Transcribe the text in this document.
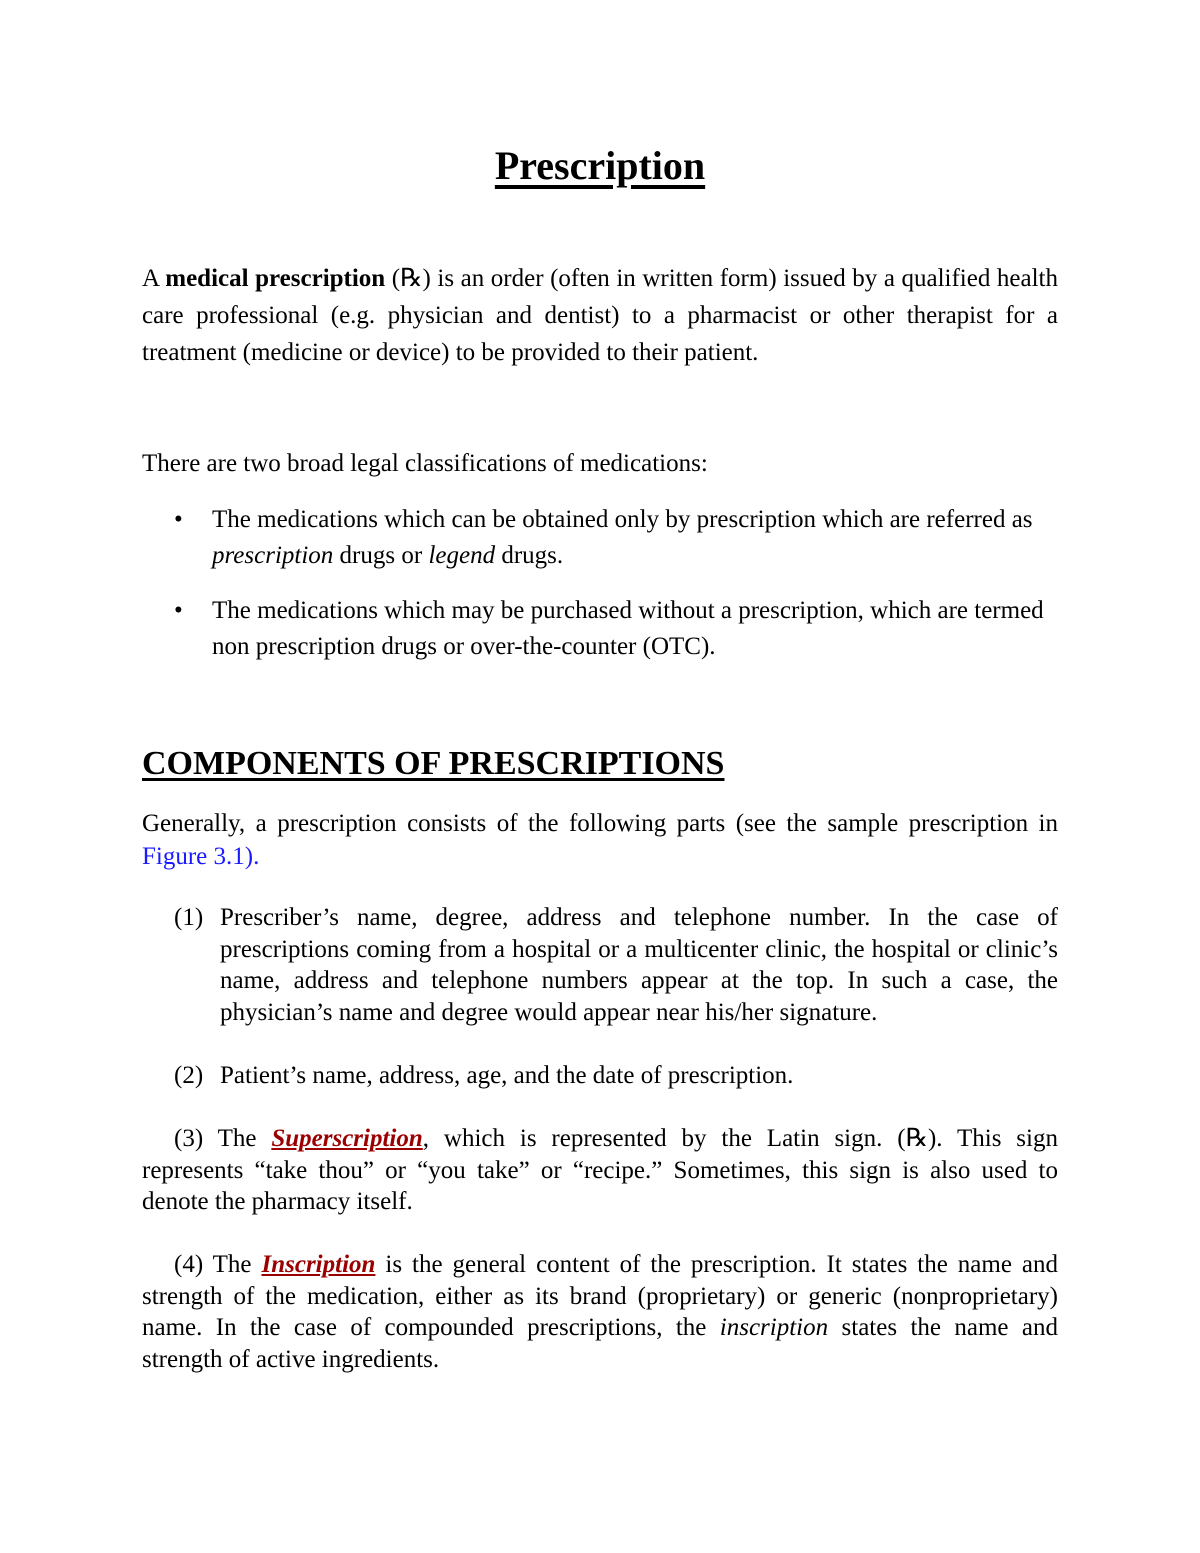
Prescription
A medical prescription (℞) is an order (often in written form) issued by a qualified health care professional (e.g. physician and dentist) to a pharmacist or other therapist for a treatment (medicine or device) to be provided to their patient.
There are two broad legal classifications of medications:
•	The medications which can be obtained only by prescription which are referred as prescription drugs or legend drugs.
•	The medications which may be purchased without a prescription, which are termed non prescription drugs or over-the-counter (OTC).
COMPONENTS OF PRESCRIPTIONS
Generally, a prescription consists of the following parts (see the sample prescription in Figure 3.1).
(1) Prescriber’s name, degree, address and telephone number. In the case of prescriptions coming from a hospital or a multicenter clinic, the hospital or clinic’s name, address and telephone numbers appear at the top. In such a case, the physician’s name and degree would appear near his/her signature.
(2) Patient’s name, address, age, and the date of prescription.
(3) The Superscription, which is represented by the Latin sign. (℞). This sign represents “take thou” or “you take” or “recipe.” Sometimes, this sign is also used to denote the pharmacy itself.
(4) The Inscription is the general content of the prescription. It states the name and strength of the medication, either as its brand (proprietary) or generic (nonproprietary) name. In the case of compounded prescriptions, the inscription states the name and strength of active ingredients.
